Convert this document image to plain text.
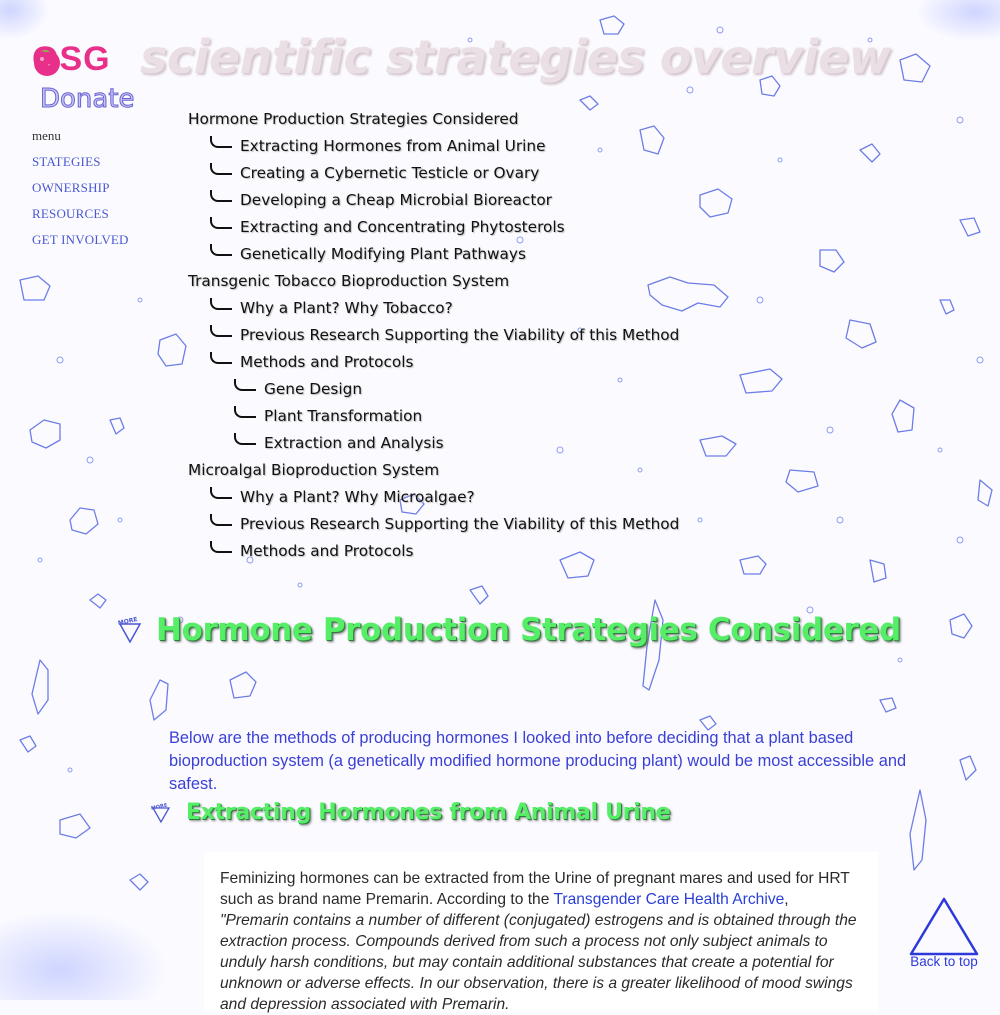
OSG scientific strategies overview
Donate
menu
STATEGIES
OWNERSHIP
RESOURCES
GET INVOLVED
Hormone Production Strategies Considered
Extracting Hormones from Animal Urine
Creating a Cybernetic Testicle or Ovary
Developing a Cheap Microbial Bioreactor
Extracting and Concentrating Phytosterols
Genetically Modifying Plant Pathways
Transgenic Tobacco Bioproduction System
Why a Plant? Why Tobacco?
Previous Research Supporting the Viability of this Method
Methods and Protocols
Gene Design
Plant Transformation
Extraction and Analysis
Microalgal Bioproduction System
Why a Plant? Why Microalgae?
Previous Research Supporting the Viability of this Method
Methods and Protocols
MORE Hormone Production Strategies Considered

Below are the methods of producing hormones I looked into before deciding that a plant based bioproduction system (a genetically modified hormone producing plant) would be most accessible and safest.

MORE Extracting Hormones from Animal Urine

Feminizing hormones can be extracted from the Urine of pregnant mares and used for HRT such as brand name Premarin. According to the Transgender Care Health Archive,
"Premarin contains a number of different (conjugated) estrogens and is obtained through the extraction process. Compounds derived from such a process not only subject animals to unduly harsh conditions, but may contain additional substances that create a potential for unknown or adverse effects. In our observation, there is a greater likelihood of mood swings and depression associated with Premarin.

Back to top
